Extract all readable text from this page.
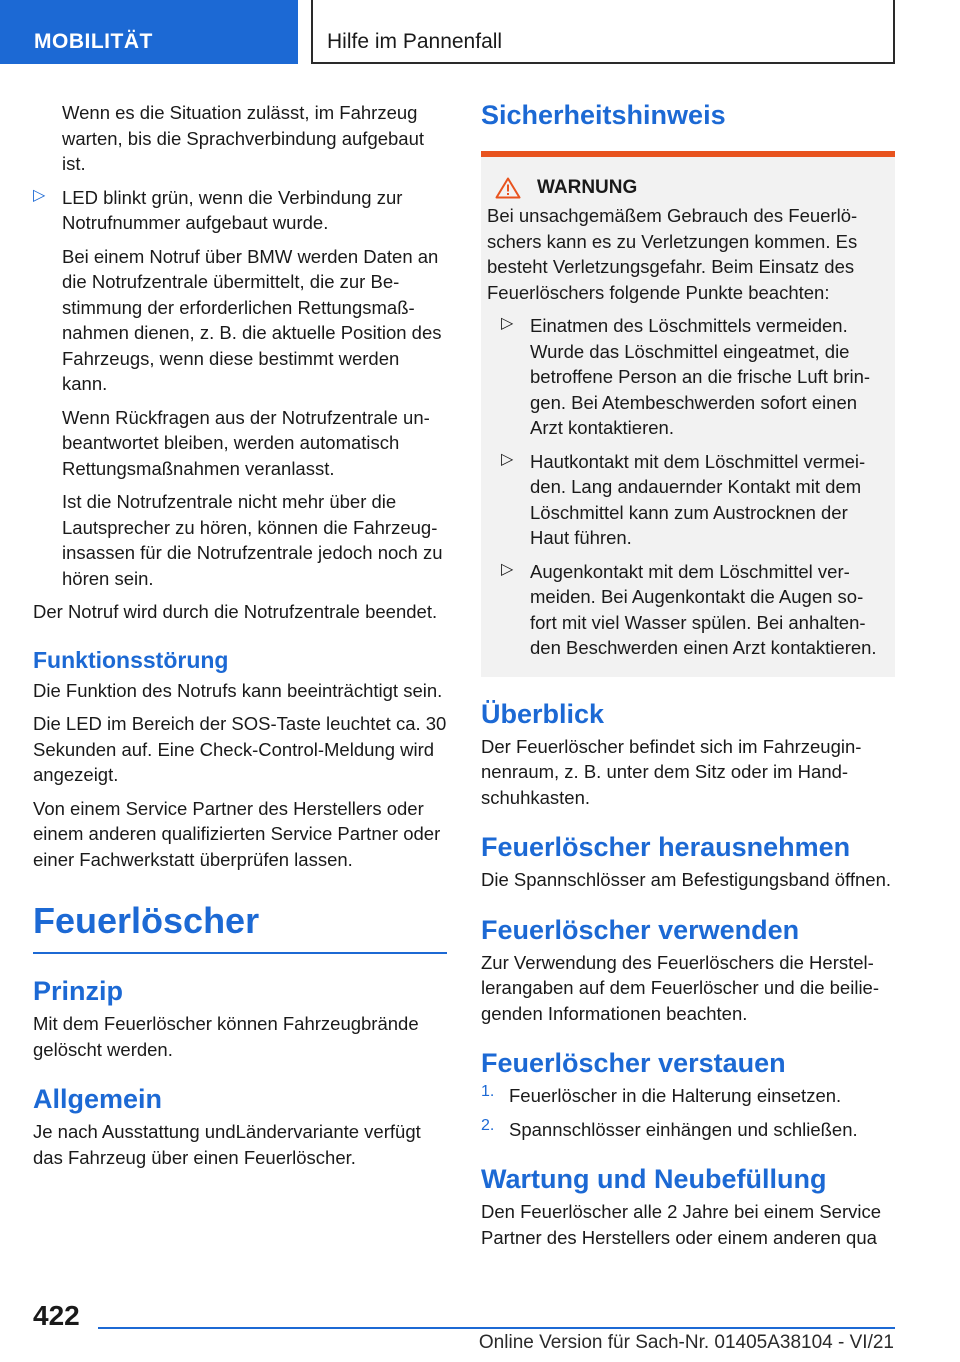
MOBILITÄT	Hilfe im Pannenfall

Wenn es die Situation zulässt, im Fahrzeug warten, bis die Sprachverbindung aufgebaut ist.

▷ LED blinkt grün, wenn die Verbindung zur Notrufnummer aufgebaut wurde.

Bei einem Notruf über BMW werden Daten an die Notrufzentrale übermittelt, die zur Bestimmung der erforderlichen Rettungsmaßnahmen dienen, z. B. die aktuelle Position des Fahrzeugs, wenn diese bestimmt werden kann.

Wenn Rückfragen aus der Notrufzentrale unbeantwortet bleiben, werden automatisch Rettungsmaßnahmen veranlasst.

Ist die Notrufzentrale nicht mehr über die Lautsprecher zu hören, können die Fahrzeuginsassen für die Notrufzentrale jedoch noch zu hören sein.

Der Notruf wird durch die Notrufzentrale beendet.

Funktionsstörung

Die Funktion des Notrufs kann beeinträchtigt sein.

Die LED im Bereich der SOS-Taste leuchtet ca. 30 Sekunden auf. Eine Check-Control-Meldung wird angezeigt.

Von einem Service Partner des Herstellers oder einem anderen qualifizierten Service Partner oder einer Fachwerkstatt überprüfen lassen.

Feuerlöscher
Prinzip

Mit dem Feuerlöscher können Fahrzeugbrände gelöscht werden.

Allgemein

Je nach Ausstattung undLändervariante verfügt das Fahrzeug über einen Feuerlöscher.

Sicherheitshinweis
WARNUNG

Bei unsachgemäßem Gebrauch des Feuerlöschers kann es zu Verletzungen kommen. Es besteht Verletzungsgefahr. Beim Einsatz des Feuerlöschers folgende Punkte beachten:

▷ Einatmen des Löschmittels vermeiden. Wurde das Löschmittel eingeatmet, die betroffene Person an die frische Luft bringen. Bei Atembeschwerden sofort einen Arzt kontaktieren.

▷ Hautkontakt mit dem Löschmittel vermeiden. Lang andauernder Kontakt mit dem Löschmittel kann zum Austrocknen der Haut führen.

▷ Augenkontakt mit dem Löschmittel vermeiden. Bei Augenkontakt die Augen sofort mit viel Wasser spülen. Bei anhaltenden Beschwerden einen Arzt kontaktieren.

Überblick

Der Feuerlöscher befindet sich im Fahrzeuginnenraum, z. B. unter dem Sitz oder im Handschuhkasten.

Feuerlöscher herausnehmen

Die Spannschlösser am Befestigungsband öffnen.

Feuerlöscher verwenden

Zur Verwendung des Feuerlöschers die Herstellerangaben auf dem Feuerlöscher und die beiliegenden Informationen beachten.

Feuerlöscher verstauen
1. Feuerlöscher in die Halterung einsetzen.

2. Spannschlösser einhängen und schließen.

Wartung und Neubefüllung

Den Feuerlöscher alle 2 Jahre bei einem Service Partner des Herstellers oder einem anderen qua

422
Online Version für Sach-Nr. 01405A38104 - VI/21
